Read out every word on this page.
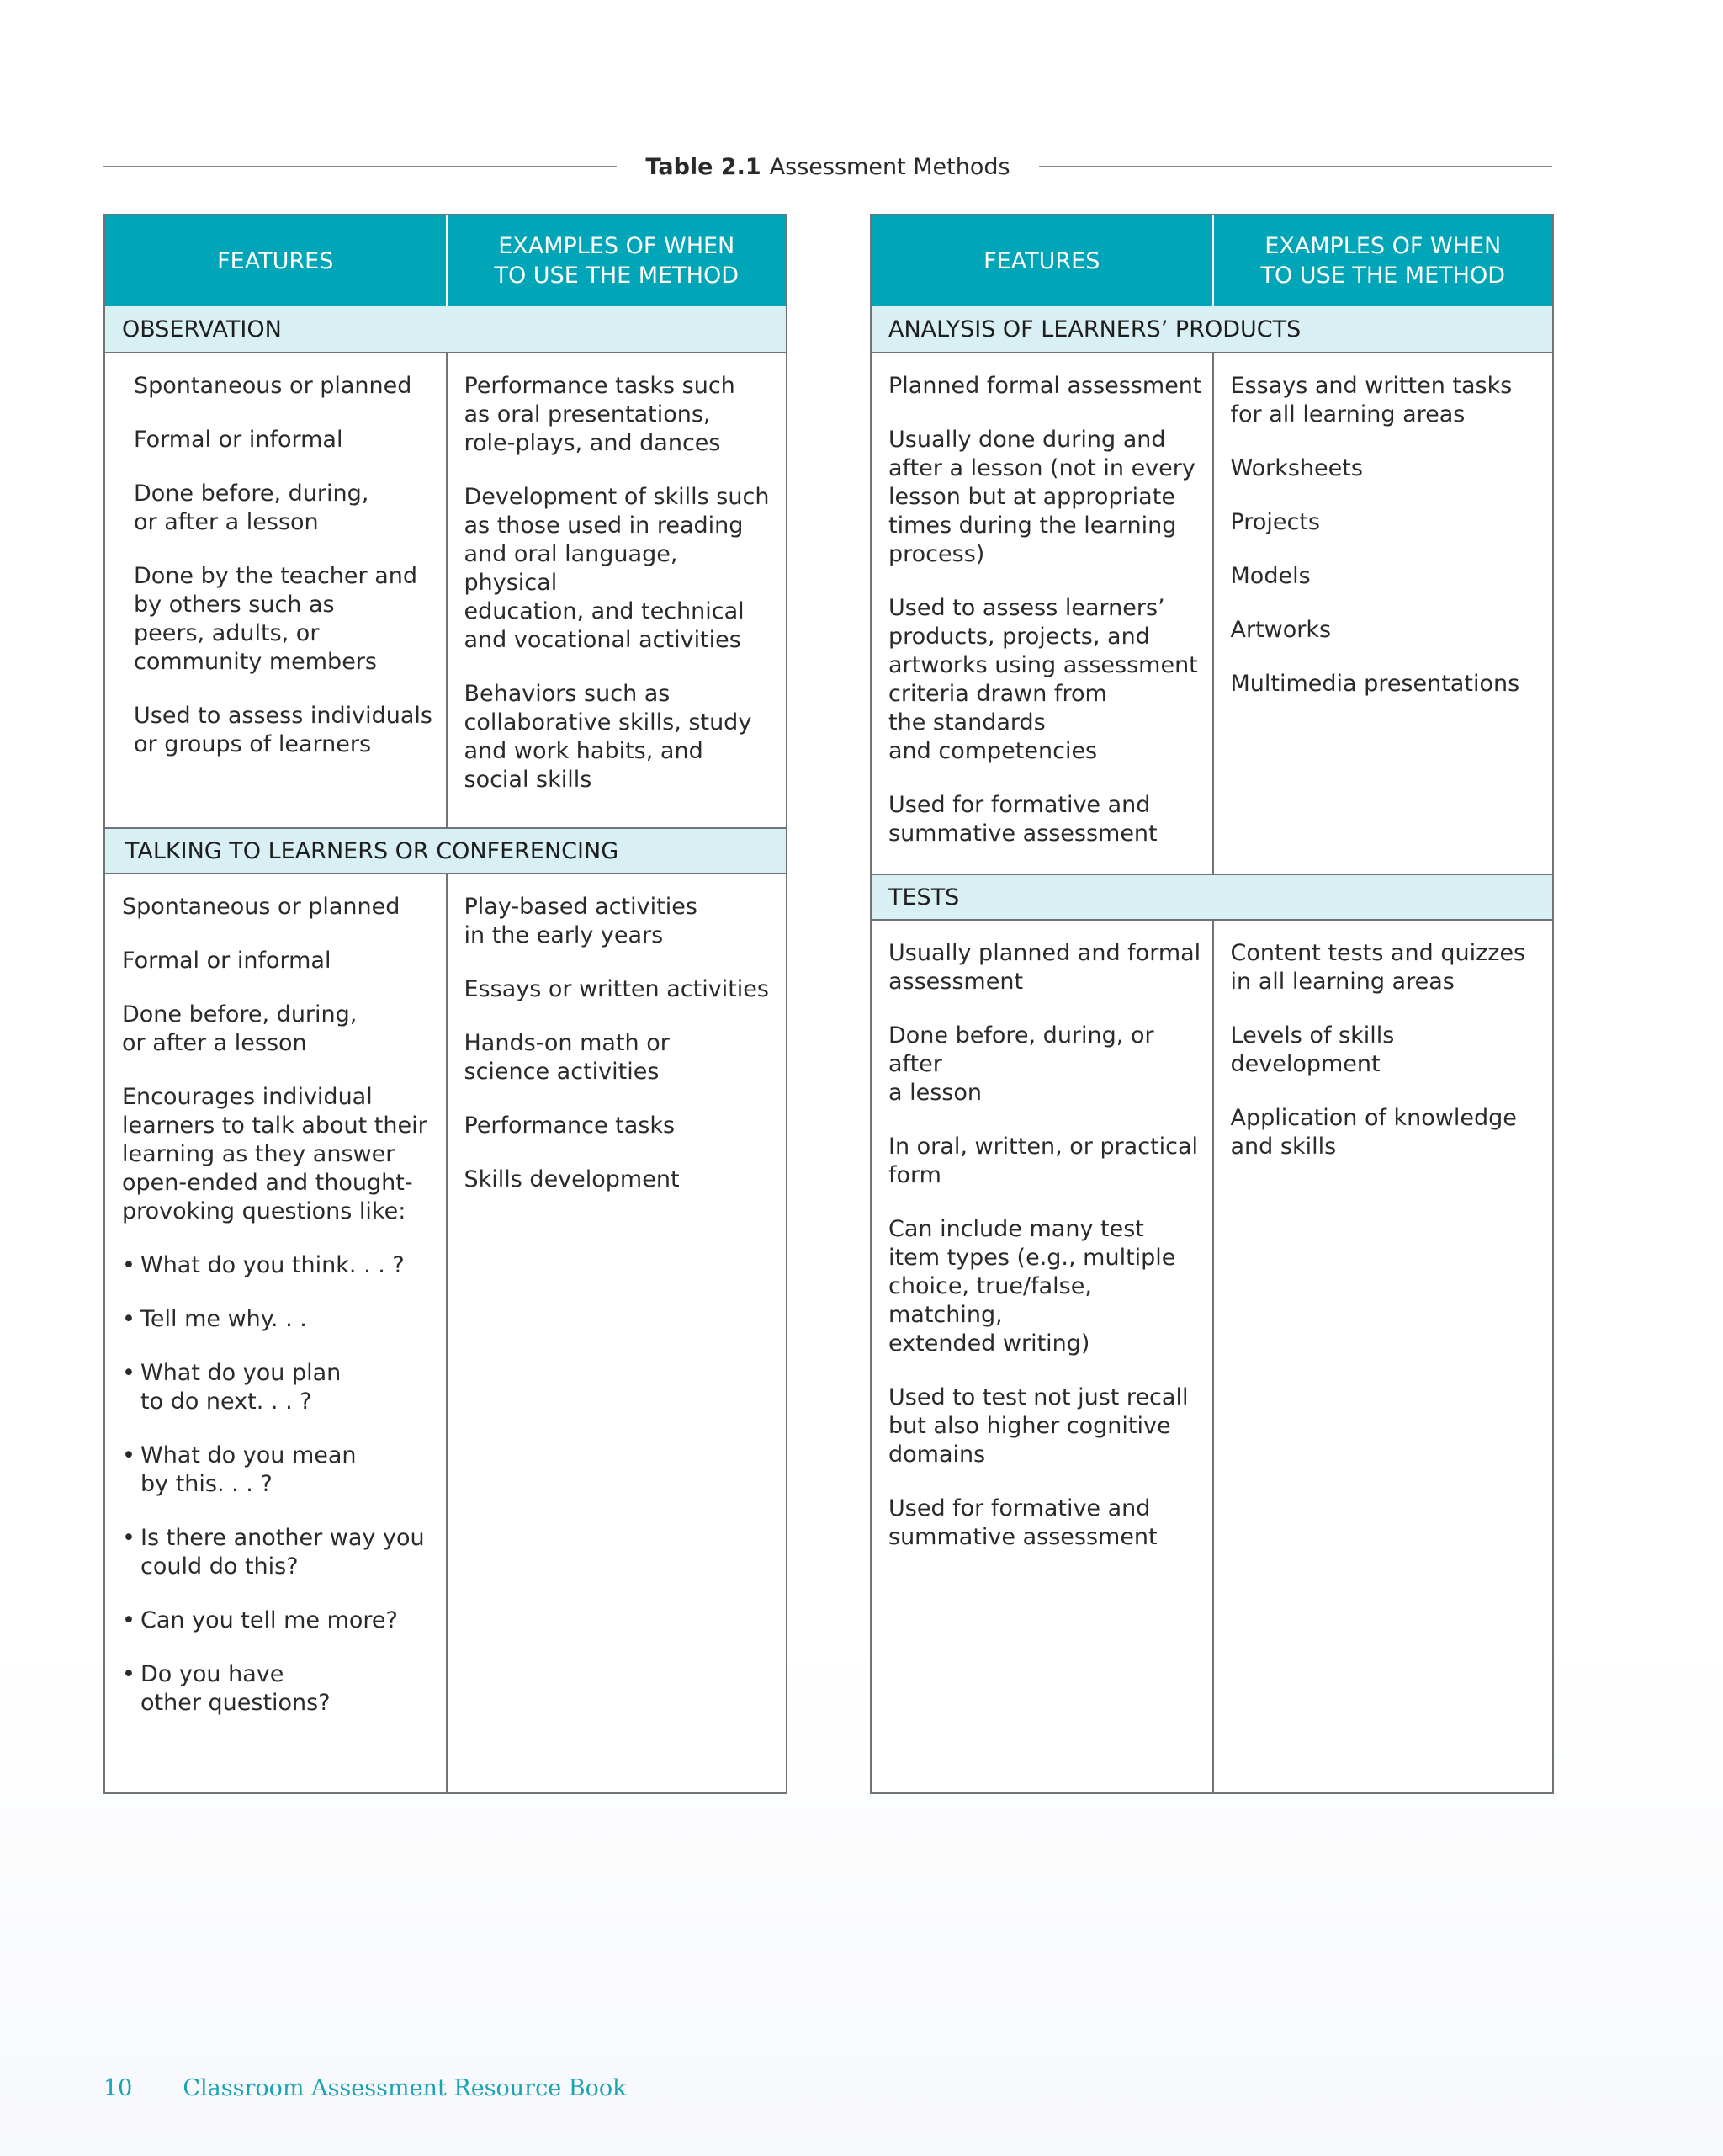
Table 2.1 Assessment Methods
FEATURES
EXAMPLES OF WHEN
TO USE THE METHOD
OBSERVATION
Spontaneous or planned
Formal or informal
Done before, during,
or after a lesson
Done by the teacher and
by others such as
peers, adults, or
community members
Used to assess individuals
or groups of learners
Performance tasks such
as oral presentations,
role-plays, and dances
Development of skills such
as those used in reading
and oral language, physical
education, and technical
and vocational activities
Behaviors such as
collaborative skills, study
and work habits, and
social skills
TALKING TO LEARNERS OR CONFERENCING
Spontaneous or planned
Formal or informal
Done before, during,
or after a lesson
Encourages individual
learners to talk about their
learning as they answer
open-ended and thought-
provoking questions like:
• What do you think. . . ?
• Tell me why. . .
• What do you plan
to do next. . . ?
• What do you mean
by this. . . ?
• Is there another way you
could do this?
• Can you tell me more?
• Do you have
other questions?
Play-based activities
in the early years
Essays or written activities
Hands-on math or
science activities
Performance tasks
Skills development
FEATURES
EXAMPLES OF WHEN
TO USE THE METHOD
ANALYSIS OF LEARNERS’ PRODUCTS
Planned formal assessment
Usually done during and
after a lesson (not in every
lesson but at appropriate
times during the learning
process)
Used to assess learners’
products, projects, and
artworks using assessment
criteria drawn from
the standards
and competencies
Used for formative and
summative assessment
Essays and written tasks
for all learning areas
Worksheets
Projects
Models
Artworks
Multimedia presentations
TESTS
Usually planned and formal
assessment
Done before, during, or after
a lesson
In oral, written, or practical
form
Can include many test
item types (e.g., multiple
choice, true/false, matching,
extended writing)
Used to test not just recall
but also higher cognitive
domains
Used for formative and
summative assessment
Content tests and quizzes
in all learning areas
Levels of skills development
Application of knowledge
and skills
10 Classroom Assessment Resource Book
